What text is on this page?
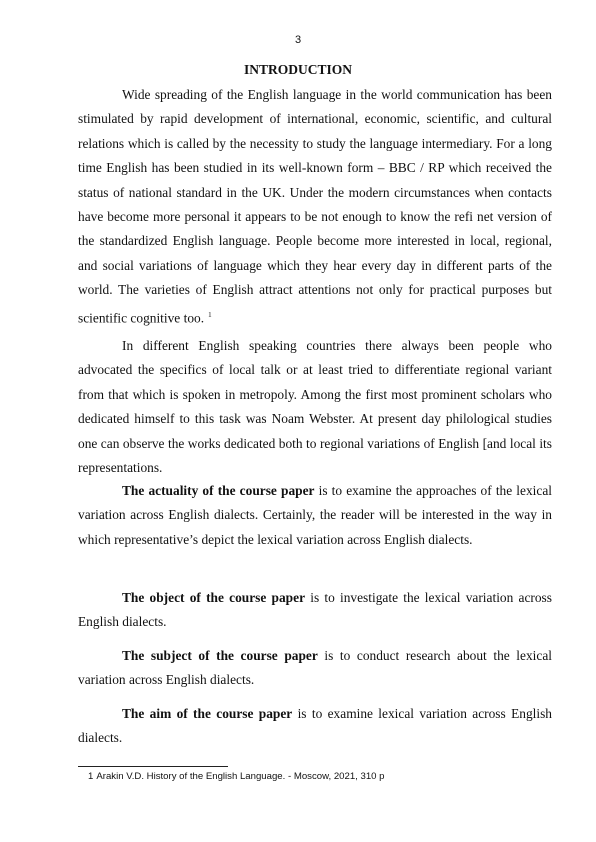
3
INTRODUCTION

Wide spreading of the English language in the world communication has been stimulated by rapid development of international, economic, scientific, and cultural relations which is called by the necessity to study the language intermediary. For a long time English has been studied in its well-known form – BBC / RP which received the status of national standard in the UK. Under the modern circumstances when contacts have become more personal it appears to be not enough to know the refi net version of the standardized English language. People become more interested in local, regional, and social variations of language which they hear every day in different parts of the world. The varieties of English attract attentions not only for practical purposes but scientific cognitive too. $^1$

In different English speaking countries there always been people who advocated the specifics of local talk or at least tried to differentiate regional variant from that which is spoken in metropoly. Among the first most prominent scholars who dedicated himself to this task was Noam Webster. At present day philological studies one can observe the works dedicated both to regional variations of English [and local its representations.

The actuality of the course paper is to examine the approaches of the lexical variation across English dialects. Certainly, the reader will be interested in the way in which representative’s depict the lexical variation across English dialects.

The object of the course paper is to investigate the lexical variation across English dialects.

The subject of the course paper is to conduct research about the lexical variation across English dialects.

The aim of the course paper is to examine lexical variation across English dialects.

1 Arakin V.D. History of the English Language. - Moscow, 2021, 310 p
